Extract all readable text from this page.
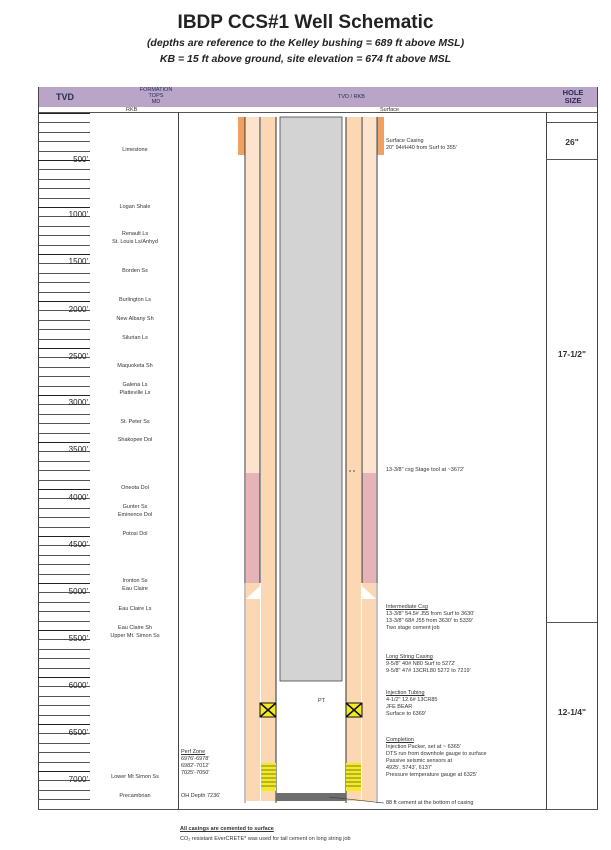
IBDP CCS#1 Well Schematic
(depths are reference to the Kelley bushing = 689 ft above MSL)
KB = 15 ft above ground, site elevation = 674 ft above MSL
TVD
FORMATION
TOPS
MD
TVD / RKB	HOLE
SIZE
RKB	Surface
500'
1000'
1500'
2000'
2500'
3000'
3500'
4000'
4500'
5000'
5500'
6000'
6500'
7000'
Limestone
Logan Shale
Renault Ls
St. Louis Ls/Anhyd
Borden Ss
Burlington Ls
New Albany Sh
Silurian Ls
Maquoketa Sh
Galena Ls
Platteville Ls
St. Peter Ss
Shakopee Dol
Oneota Dol
Gunter Ss
Eminence Dol
Potosi Dol
Ironton Ss
Eau Claire
Eau Claire Ls
Eau Claire Sh
Upper Mt. Simon Ss
Lower Mt Simon Ss
Precambrian
26"
17-1/2"
12-1/4"
PT
Surface Casing
20" 94#H40 from Surf to 355'
13-3/8" csg Stage tool at ~3672'
Intermediate Csg
13-3/8" 54.5# J55 from Surf to 3630'
13-3/8" 68# J55 from 3630' to 5339'
Two stage cement job
Long String Casing
9-5/8" 40# N80 Surf to 5272'
9-5/8" 47# 13CRL80 5272 to 7219'
Injection Tubing
4-1/2" 12.6# 13CR85
JFE BEAR
Surface to 6369'
Completion
Injection Packer, set at ~ 6365'
DTS run from downhole gauge to surface
Passive seismic sensors at
4925', 5743', 6137'
Pressure temperature gauge at 6325'
88 ft cement at the bottom of casing
Perf Zone
6976'-6978'
6982'-7012'
7025'-7050'
OH Depth 7236'
All casings are cemented to surface
CO₂ resistant EverCRETE* was used for tail cement on long string job
